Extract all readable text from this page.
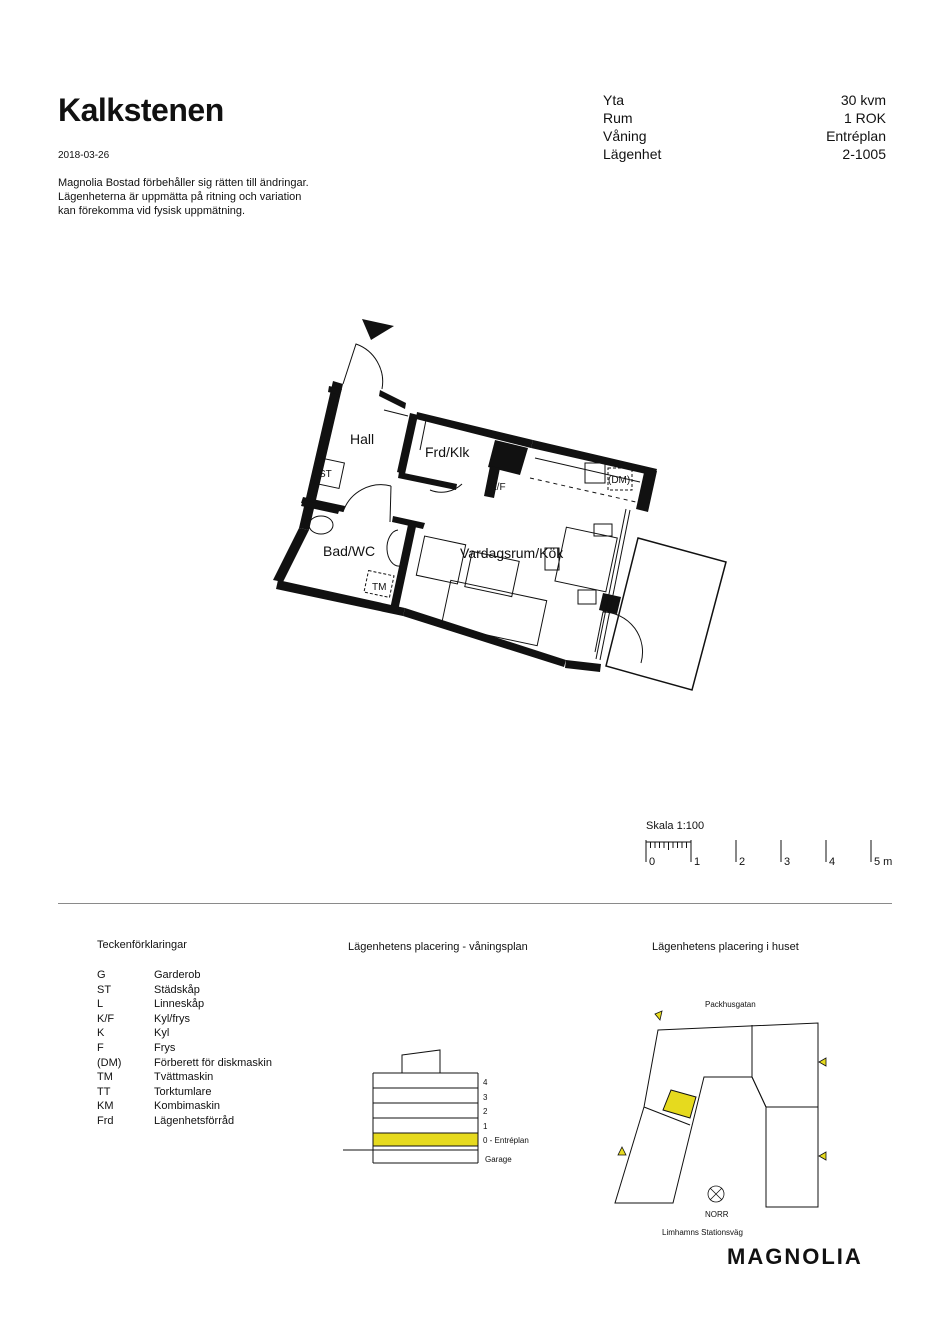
Kalkstenen
2018-03-26
Magnolia Bostad förbehåller sig rätten till ändringar.
Lägenheterna är uppmätta på ritning och variation
kan förekomma vid fysisk uppmätning.
Yta	30 kvm
Rum	1 ROK
Våning	Entréplan
Lägenhet	2-1005
Hall
Frd/Klk
Bad/WC	Vardagsrum/Kök
ST
K/F
(DM)
TM
Skala 1:100
0	1	2	3	4	5 m
Teckenförklaringar
G	Garderob
ST	Städskåp
L	Linneskåp
K/F	Kyl/frys
K	Kyl
F	Frys
(DM)	Förberett för diskmaskin
TM	Tvättmaskin
TT	Torktumlare
KM	Kombimaskin
Frd	Lägenhetsförråd
Lägenhetens placering - våningsplan
4
3
2
1
0 - Entréplan
Garage
Lägenhetens placering i huset
Packhusgatan
NORR
Limhamns Stationsväg
MAGNOLIA
